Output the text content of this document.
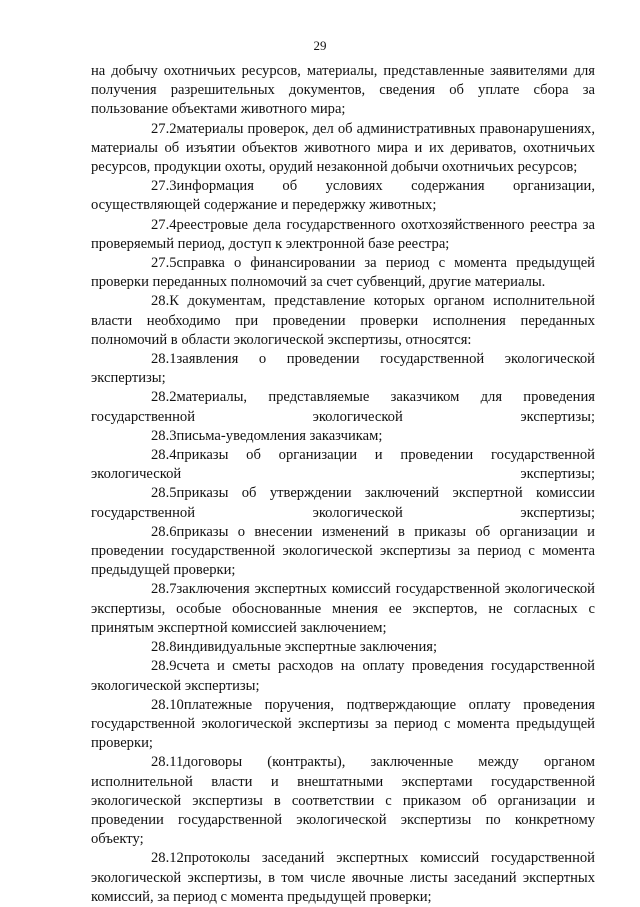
29

на добычу охотничьих ресурсов, материалы, представленные заявителями для получения разрешительных документов, сведения об уплате сбора за пользование объектами животного мира;

27.2материалы проверок, дел об административных правонарушениях, материалы об изъятии объектов животного мира и их дериватов, охотничьих ресурсов, продукции охоты, орудий незаконной добычи охотничьих ресурсов;

27.3информация об условиях содержания организации, осуществляющей содержание и передержку животных;

27.4реестровые дела государственного охотхозяйственного реестра за проверяемый период, доступ к электронной базе реестра;

27.5справка о финансировании за период с момента предыдущей проверки переданных полномочий за счет субвенций, другие материалы.

28.К документам, представление которых органом исполнительной власти необходимо при проведении проверки исполнения переданных полномочий в области экологической экспертизы, относятся:

28.1заявления о проведении государственной экологической экспертизы;

28.2материалы, представляемые заказчиком для проведения государственной экологической экспертизы;

28.3письма-уведомления заказчикам;

28.4приказы об организации и проведении государственной экологической экспертизы;

28.5приказы об утверждении заключений экспертной комиссии государственной экологической экспертизы;

28.6приказы о внесении изменений в приказы об организации и проведении государственной экологической экспертизы за период с момента предыдущей проверки;

28.7заключения экспертных комиссий государственной экологической экспертизы, особые обоснованные мнения ее экспертов, не согласных с принятым экспертной комиссией заключением;

28.8индивидуальные экспертные заключения;

28.9счета и сметы расходов на оплату проведения государственной экологической экспертизы;

28.10платежные поручения, подтверждающие оплату проведения государственной экологической экспертизы за период с момента предыдущей проверки;

28.11договоры (контракты), заключенные между органом исполнительной власти и внештатными экспертами государственной экологической экспертизы в соответствии с приказом об организации и проведении государственной экологической экспертизы по конкретному объекту;

28.12протоколы заседаний экспертных комиссий государственной экологической экспертизы, в том числе явочные листы заседаний экспертных комиссий, за период с момента предыдущей проверки;
